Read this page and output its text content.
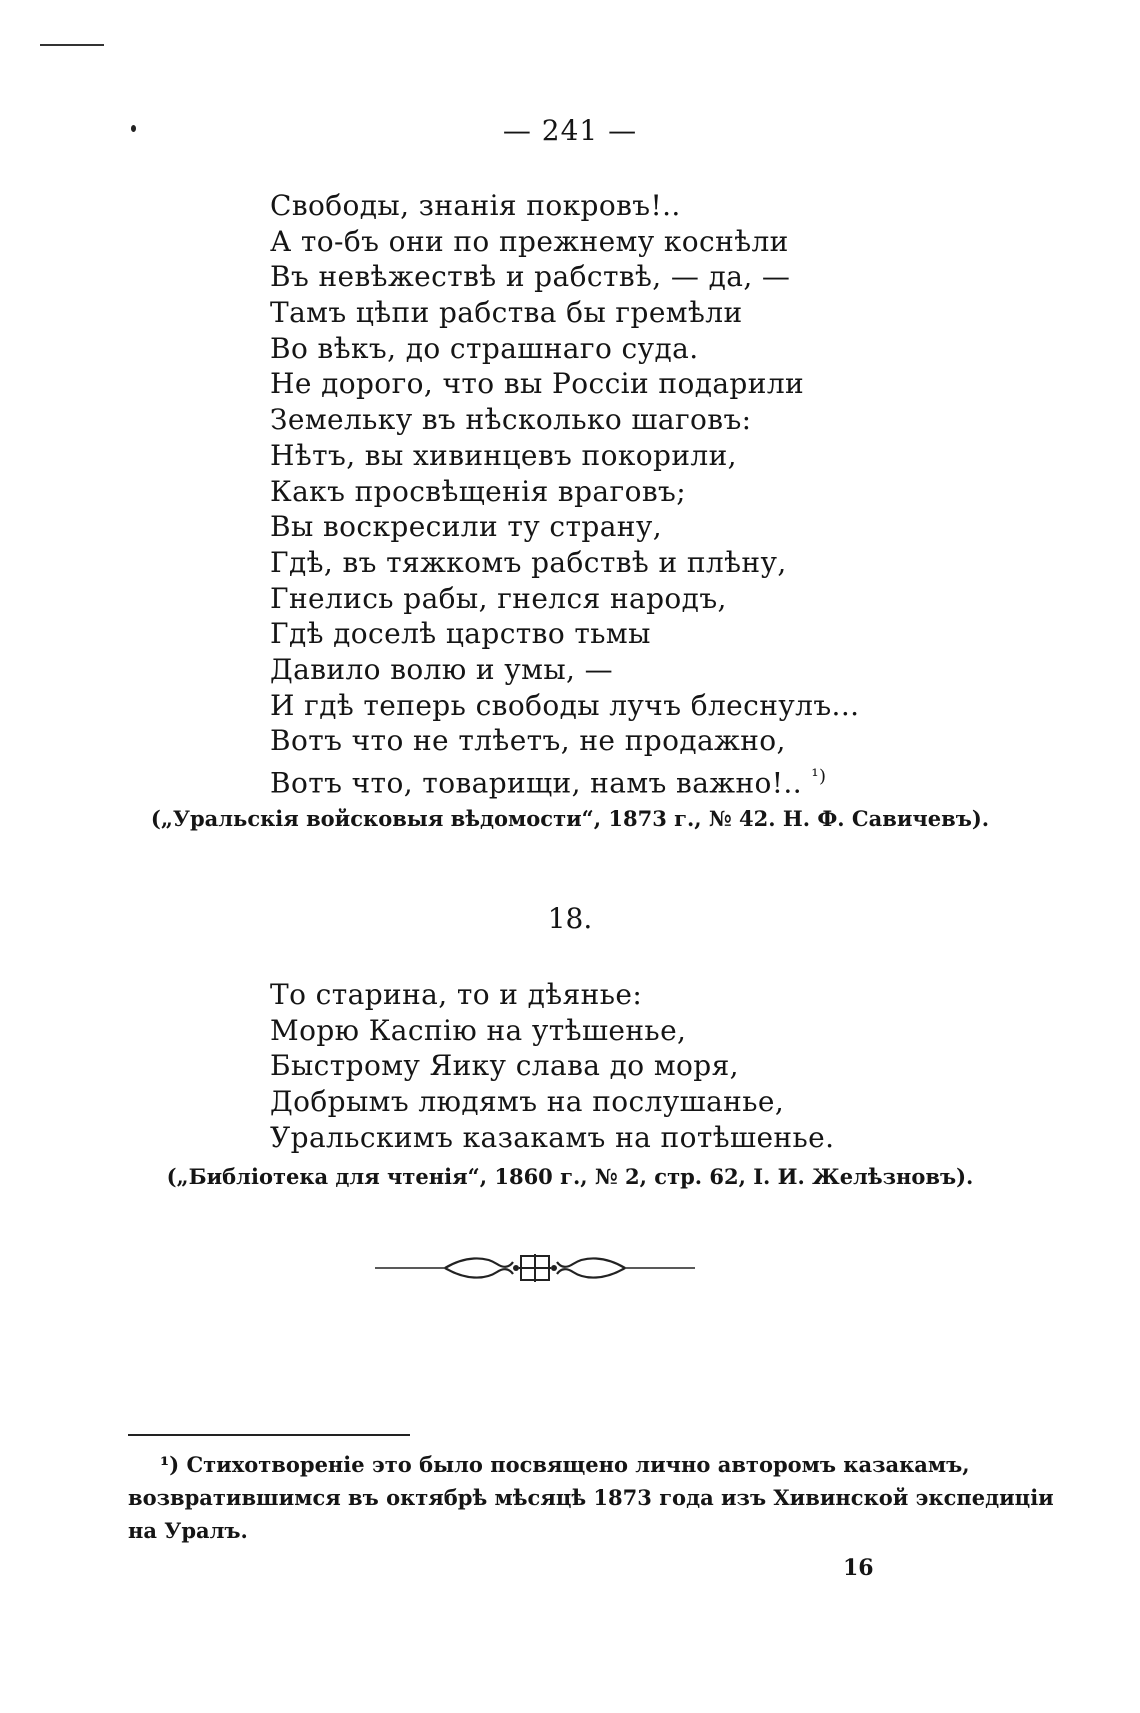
— 241 —
Свободы, знанія покровъ!..
А то-бъ они по прежнему коснѣли
Въ невѣжествѣ и рабствѣ, — да, —
Тамъ цѣпи рабства бы гремѣли
Во вѣкъ, до страшнаго суда.
Не дорого, что вы Россіи подарили
Земельку въ нѣсколько шаговъ:
Нѣтъ, вы хивинцевъ покорили,
Какъ просвѣщенія враговъ;
Вы воскресили ту страну,
Гдѣ, въ тяжкомъ рабствѣ и плѣну,
Гнелись рабы, гнелся народъ,
Гдѣ доселѣ царство тьмы
Давило волю и умы, —
И гдѣ теперь свободы лучъ блеснулъ...
Вотъ что не тлѣетъ, не продажно,
Вотъ что, товарищи, намъ важно!.. $^{^1)}$
(„Уральскія войсковыя вѣдомости“, 1873 г., № 42. Н. Ф. Савичевъ).
18.
То старина, то и дѣянье:
Морю Каспію на утѣшенье,
Быстрому Яику слава до моря,
Добрымъ людямъ на послушанье,
Уральскимъ казакамъ на потѣшенье.
(„Библіотека для чтенія“, 1860 г., № 2, стр. 62, I. И. Желѣзновъ).
¹) Стихотвореніе это было посвящено лично авторомъ казакамъ,
возвратившимся въ октябрѣ мѣсяцѣ 1873 года изъ Хивинской экспедиціи
на Уралъ.
16
